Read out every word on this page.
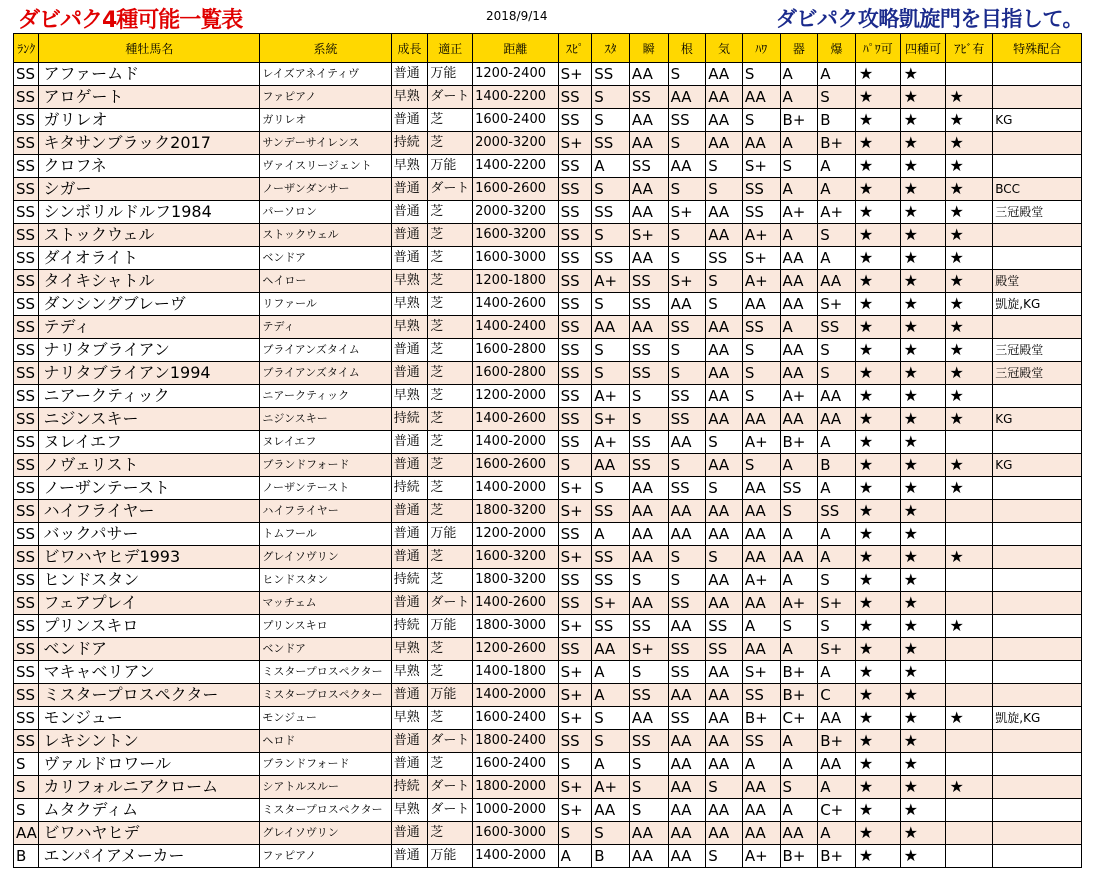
ダビパク4種可能一覧表	2018/9/14	ダビパク攻略凱旋門を目指して。
ﾗﾝｸ	種牡馬名	系統	成長	適正	距離	ｽﾋﾟ	ｽﾀ	瞬	根	気	ﾊﾜ	器	爆	ﾊﾟﾜ可	四種可	ｱﾋﾞ有	特殊配合
SS	アファームド	レイズアネイティヴ	普通	万能	1200-2400	S+	SS	AA	S	AA	S	A	A	★	★		
SS	アロゲート	ファピアノ	早熟	ダート	1400-2200	SS	S	SS	AA	AA	AA	A	S	★	★	★	
SS	ガリレオ	ガリレオ	普通	芝	1600-2400	SS	S	AA	SS	AA	S	B+	B	★	★	★	KG
SS	キタサンブラック2017	サンデーサイレンス	持続	芝	2000-3200	S+	SS	AA	S	AA	AA	A	B+	★	★	★	
SS	クロフネ	ヴァイスリージェント	早熟	万能	1400-2200	SS	A	SS	AA	S	S+	S	A	★	★	★	
SS	シガー	ノーザンダンサー	普通	ダート	1600-2600	SS	S	AA	S	S	SS	A	A	★	★	★	BCC
SS	シンボリルドルフ1984	パーソロン	普通	芝	2000-3200	SS	SS	AA	S+	AA	SS	A+	A+	★	★	★	三冠殿堂
SS	ストックウェル	ストックウェル	普通	芝	1600-3200	SS	S	S+	S	AA	A+	A	S	★	★	★	
SS	ダイオライト	ベンドア	普通	芝	1600-3000	SS	SS	AA	S	SS	S+	AA	A	★	★	★	
SS	タイキシャトル	ヘイロー	早熟	芝	1200-1800	SS	A+	SS	S+	S	A+	AA	AA	★	★	★	殿堂
SS	ダンシングブレーヴ	リファール	早熟	芝	1400-2600	SS	S	SS	AA	S	AA	AA	S+	★	★	★	凱旋,KG
SS	テディ	テディ	早熟	芝	1400-2400	SS	AA	AA	SS	AA	SS	A	SS	★	★	★	
SS	ナリタブライアン	ブライアンズタイム	普通	芝	1600-2800	SS	S	SS	S	AA	S	AA	S	★	★	★	三冠殿堂
SS	ナリタブライアン1994	ブライアンズタイム	普通	芝	1600-2800	SS	S	SS	S	AA	S	AA	S	★	★	★	三冠殿堂
SS	ニアークティック	ニアークティック	早熟	芝	1200-2000	SS	A+	S	SS	AA	S	A+	AA	★	★	★	
SS	ニジンスキー	ニジンスキー	持続	芝	1400-2600	SS	S+	S	SS	AA	AA	AA	AA	★	★	★	KG
SS	ヌレイエフ	ヌレイエフ	普通	芝	1400-2000	SS	A+	SS	AA	S	A+	B+	A	★	★		
SS	ノヴェリスト	ブランドフォード	普通	芝	1600-2600	S	AA	SS	S	AA	S	A	B	★	★	★	KG
SS	ノーザンテースト	ノーザンテースト	持続	芝	1400-2000	S+	S	AA	SS	S	AA	SS	A	★	★	★	
SS	ハイフライヤー	ハイフライヤー	普通	芝	1800-3200	S+	SS	AA	AA	AA	AA	S	SS	★	★		
SS	バックパサー	トムフール	普通	万能	1200-2000	SS	A	AA	AA	AA	AA	A	A	★	★		
SS	ビワハヤヒデ1993	グレイソヴリン	普通	芝	1600-3200	S+	SS	AA	S	S	AA	AA	A	★	★	★	
SS	ヒンドスタン	ヒンドスタン	持続	芝	1800-3200	SS	SS	S	S	AA	A+	A	S	★	★		
SS	フェアプレイ	マッチェム	普通	ダート	1400-2600	SS	S+	AA	SS	AA	AA	A+	S+	★	★		
SS	プリンスキロ	プリンスキロ	持続	万能	1800-3000	S+	SS	SS	AA	SS	A	S	S	★	★	★	
SS	ベンドア	ベンドア	早熟	芝	1200-2600	SS	AA	S+	SS	SS	AA	A	S+	★	★		
SS	マキャベリアン	ミスタープロスペクター	早熟	芝	1400-1800	S+	A	S	SS	AA	S+	B+	A	★	★		
SS	ミスタープロスペクター	ミスタープロスペクター	普通	万能	1400-2000	S+	A	SS	AA	AA	SS	B+	C	★	★		
SS	モンジュー	モンジュー	早熟	芝	1600-2400	S+	S	AA	SS	AA	B+	C+	AA	★	★	★	凱旋,KG
SS	レキシントン	ヘロド	普通	ダート	1800-2400	SS	S	SS	AA	AA	SS	A	B+	★	★		
S	ヴァルドロワール	ブランドフォード	普通	芝	1600-2400	S	A	S	AA	AA	A	A	AA	★	★		
S	カリフォルニアクローム	シアトルスルー	持続	ダート	1800-2000	S+	A+	S	AA	S	AA	S	A	★	★	★	
S	ムタクディム	ミスタープロスペクター	早熟	ダート	1000-2000	S+	AA	S	AA	AA	AA	A	C+	★	★		
AA	ビワハヤヒデ	グレイソヴリン	普通	芝	1600-3000	S	S	AA	AA	AA	AA	AA	A	★	★		
B	エンパイアメーカー	ファピアノ	普通	万能	1400-2000	A	B	AA	AA	S	A+	B+	B+	★	★		
